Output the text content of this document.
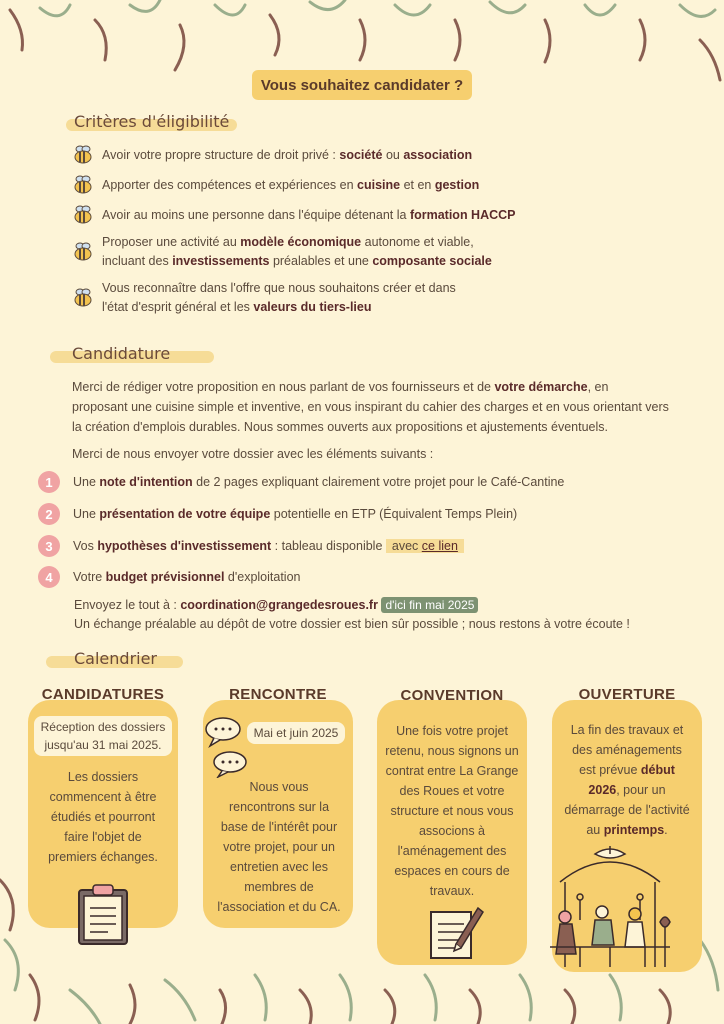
Vous souhaitez candidater ?
Critères d'éligibilité
Avoir votre propre structure de droit privé : société ou association
Apporter des compétences et expériences en cuisine et en gestion
Avoir au moins une personne dans l'équipe détenant la formation HACCP
Proposer une activité au modèle économique autonome et viable,
incluant des investissements préalables et une composante sociale
Vous reconnaître dans l'offre que nous souhaitons créer et dans
l'état d'esprit général et les valeurs du tiers-lieu
Candidature
Merci de rédiger votre proposition en nous parlant de vos fournisseurs et de votre démarche, en
proposant une cuisine simple et inventive, en vous inspirant du cahier des charges et en vous orientant vers
la création d'emplois durables. Nous sommes ouverts aux propositions et ajustements éventuels.
Merci de nous envoyer votre dossier avec les éléments suivants :
1	Une note d'intention de 2 pages expliquant clairement votre projet pour le Café-Cantine
2	Une présentation de votre équipe potentielle en ETP (Équivalent Temps Plein)
3	Vos hypothèses d'investissement : tableau disponible avec ce lien
4	Votre budget prévisionnel d'exploitation
Envoyez le tout à : coordination@grangedesroues.fr d'ici fin mai 2025
Un échange préalable au dépôt de votre dossier est bien sûr possible ; nous restons à votre écoute !
Calendrier
CANDIDATURES
Réception des dossiers
jusqu'au 31 mai 2025.
Les dossiers
commencent à être
étudiés et pourront
faire l'objet de
premiers échanges.
RENCONTRE
Mai et juin 2025
Nous vous
rencontrons sur la
base de l'intérêt pour
votre projet, pour un
entretien avec les
membres de
l'association et du CA.
CONVENTION
Une fois votre projet
retenu, nous signons un
contrat entre La Grange
des Roues et votre
structure et nous vous
associons à
l'aménagement des
espaces en cours de
travaux.
OUVERTURE
La fin des travaux et
des aménagements
est prévue début
2026, pour un
démarrage de l'activité
au printemps.
